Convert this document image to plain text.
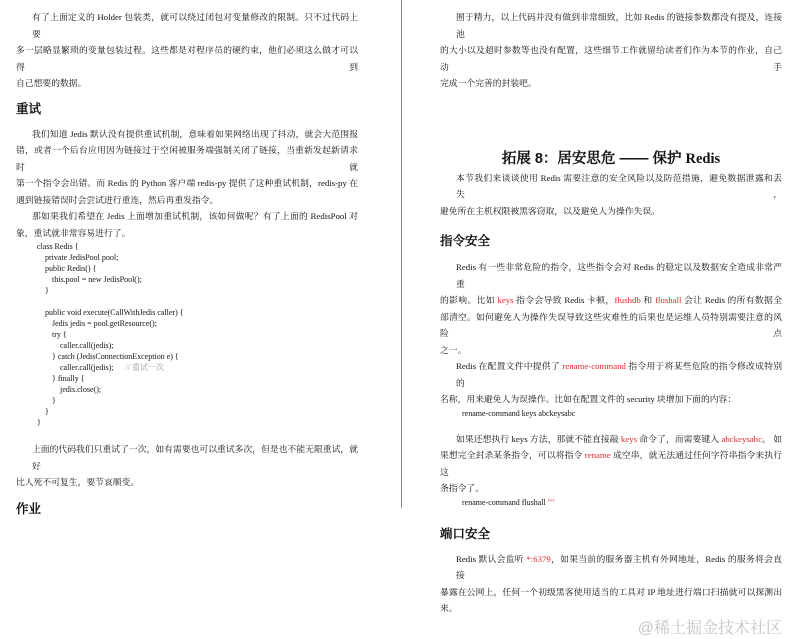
有了上面定义的 Holder 包装类，就可以绕过闭包对变量修改的限制。只不过代码上要
多一层略显繁琐的变量包装过程。这些都是对程序员的硬约束，他们必须这么做才可以得到
自己想要的数据。
重试
我们知道 Jedis 默认没有提供重试机制，意味着如果网络出现了抖动，就会大范围报
错，或者一个后台应用因为链接过于空闲被服务端强制关闭了链接，当重新发起新请求时就
第一个指令会出错。而 Redis 的 Python 客户端 redis-py 提供了这种重试机制，redis-py 在
遇到链接错误时会尝试进行重连，然后再重发指令。
那如果我们希望在 Jedis 上面增加重试机制，该如何做呢？有了上面的 RedisPool 对
象，重试就非常容易进行了。
class Redis {
private JedisPool pool;
public Redis() {
this.pool = new JedisPool();
}
public void execute(CallWithJedis caller) {
Jedis jedis = pool.getResource();
try {
caller.call(jedis);
} catch (JedisConnectionException e) {
caller.call(jedis); // 重试一次
} finally {
jedis.close();
}
}
}
上面的代码我们只重试了一次，如有需要也可以重试多次，但是也不能无限重试，就好
比人死不可复生，要节哀顺变。
作业
囿于精力，以上代码并没有做到非常细致，比如 Redis 的链接参数都没有提及，连接池
的大小以及超时参数等也没有配置，这些细节工作就留给读者们作为本节的作业，自己动手
完成一个完善的封装吧。
拓展 8：居安思危 —— 保护 Redis
本节我们来谈谈使用 Redis 需要注意的安全风险以及防范措施，避免数据泄露和丢失，
避免所在主机权限被黑客窃取，以及避免人为操作失误。
指令安全
Redis 有一些非常危险的指令，这些指令会对 Redis 的稳定以及数据安全造成非常严重
的影响。比如 keys 指令会导致 Redis 卡顿，flushdb 和 flushall 会让 Redis 的所有数据全
部清空。如何避免人为操作失误导致这些灾难性的后果也是运维人员特别需要注意的风险点
之一。
Redis 在配置文件中提供了 rename-command 指令用于将某些危险的指令修改成特别的
名称，用来避免人为误操作。比如在配置文件的 security 块增加下面的内容：
rename-command keys abckeysabc
如果还想执行 keys 方法，那就不能直接敲 keys 命令了，而需要键入 abckeysabc。 如
果想完全封杀某条指令，可以将指令 rename 成空串，就无法通过任何字符串指令来执行这
条指令了。
rename-command flushall ""
端口安全
Redis 默认会监听 *:6379，如果当前的服务器主机有外网地址，Redis 的服务将会直接
暴露在公网上，任何一个初级黑客使用适当的工具对 IP 地址进行端口扫描就可以探测出
来。
@稀土掘金技术社区
